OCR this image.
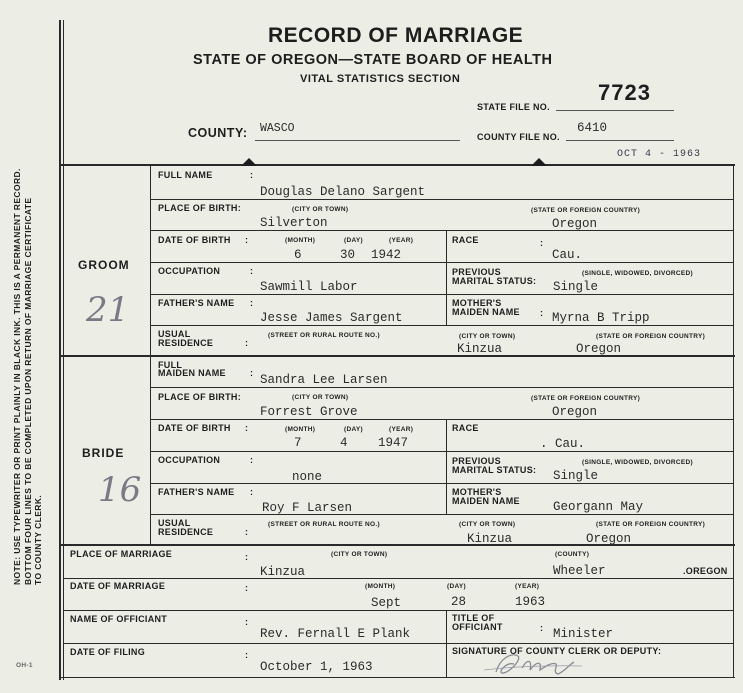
NOTE: USE TYPEWRITER OR PRINT PLAINLY IN BLACK INK. THIS IS A PERMANENT RECORD. BOTTOM FOUR LINES TO BE COMPLETED UPON RETURN OF MARRIAGE CERTIFICATE TO COUNTY CLERK.
OH-1
RECORD OF MARRIAGE
STATE OF OREGON—STATE BOARD OF HEALTH
VITAL STATISTICS SECTION
STATE FILE NO.
7723
COUNTY: WASCO
COUNTY FILE NO.
6410
OCT 4 - 1963
GROOM
21
FULL NAME	:
Douglas Delano Sargent
PLACE OF BIRTH:	(CITY OR TOWN)	(STATE OR FOREIGN COUNTRY)
Silverton	Oregon
DATE OF BIRTH :	(MONTH)	(DAY)	(YEAR)
6	30 1942
RACE	:
Cau.
OCCUPATION	:
Sawmill Labor
PREVIOUS
MARITAL STATUS:
(SINGLE, WIDOWED, DIVORCED)
Single
FATHER'S NAME :
Jesse James Sargent
MOTHER'S
MAIDEN NAME : Myrna B Tripp
USUAL
RESIDENCE	:
(STREET OR RURAL ROUTE NO.)	(CITY OR TOWN)	(STATE OR FOREIGN COUNTRY)
Kinzua	Oregon
BRIDE
16
FULL
MAIDEN NAME	: Sandra Lee Larsen
PLACE OF BIRTH:	(CITY OR TOWN)	(STATE OR FOREIGN COUNTRY)
Forrest Grove	Oregon
DATE OF BIRTH :	(MONTH)	(DAY)	(YEAR)
7	4 1947
RACE
. Cau.
OCCUPATION	:
none
PREVIOUS
MARITAL STATUS:
(SINGLE, WIDOWED, DIVORCED)
Single
FATHER'S NAME :
Roy F Larsen
MOTHER'S
MAIDEN NAME	Georgann May
USUAL
RESIDENCE	:
(STREET OR RURAL ROUTE NO.)	(CITY OR TOWN)	(STATE OR FOREIGN COUNTRY)
Kinzua	Oregon
PLACE OF MARRIAGE	:	(CITY OR TOWN)	(COUNTY)
Kinzua	Wheeler	.OREGON
DATE OF MARRIAGE	:	(MONTH)	(DAY)	(YEAR)
Sept	28	1963
NAME OF OFFICIANT	:
Rev. Fernall E Plank
TITLE OF
OFFICIANT	: Minister
DATE OF FILING	:
October 1, 1963
SIGNATURE OF COUNTY CLERK OR DEPUTY:
